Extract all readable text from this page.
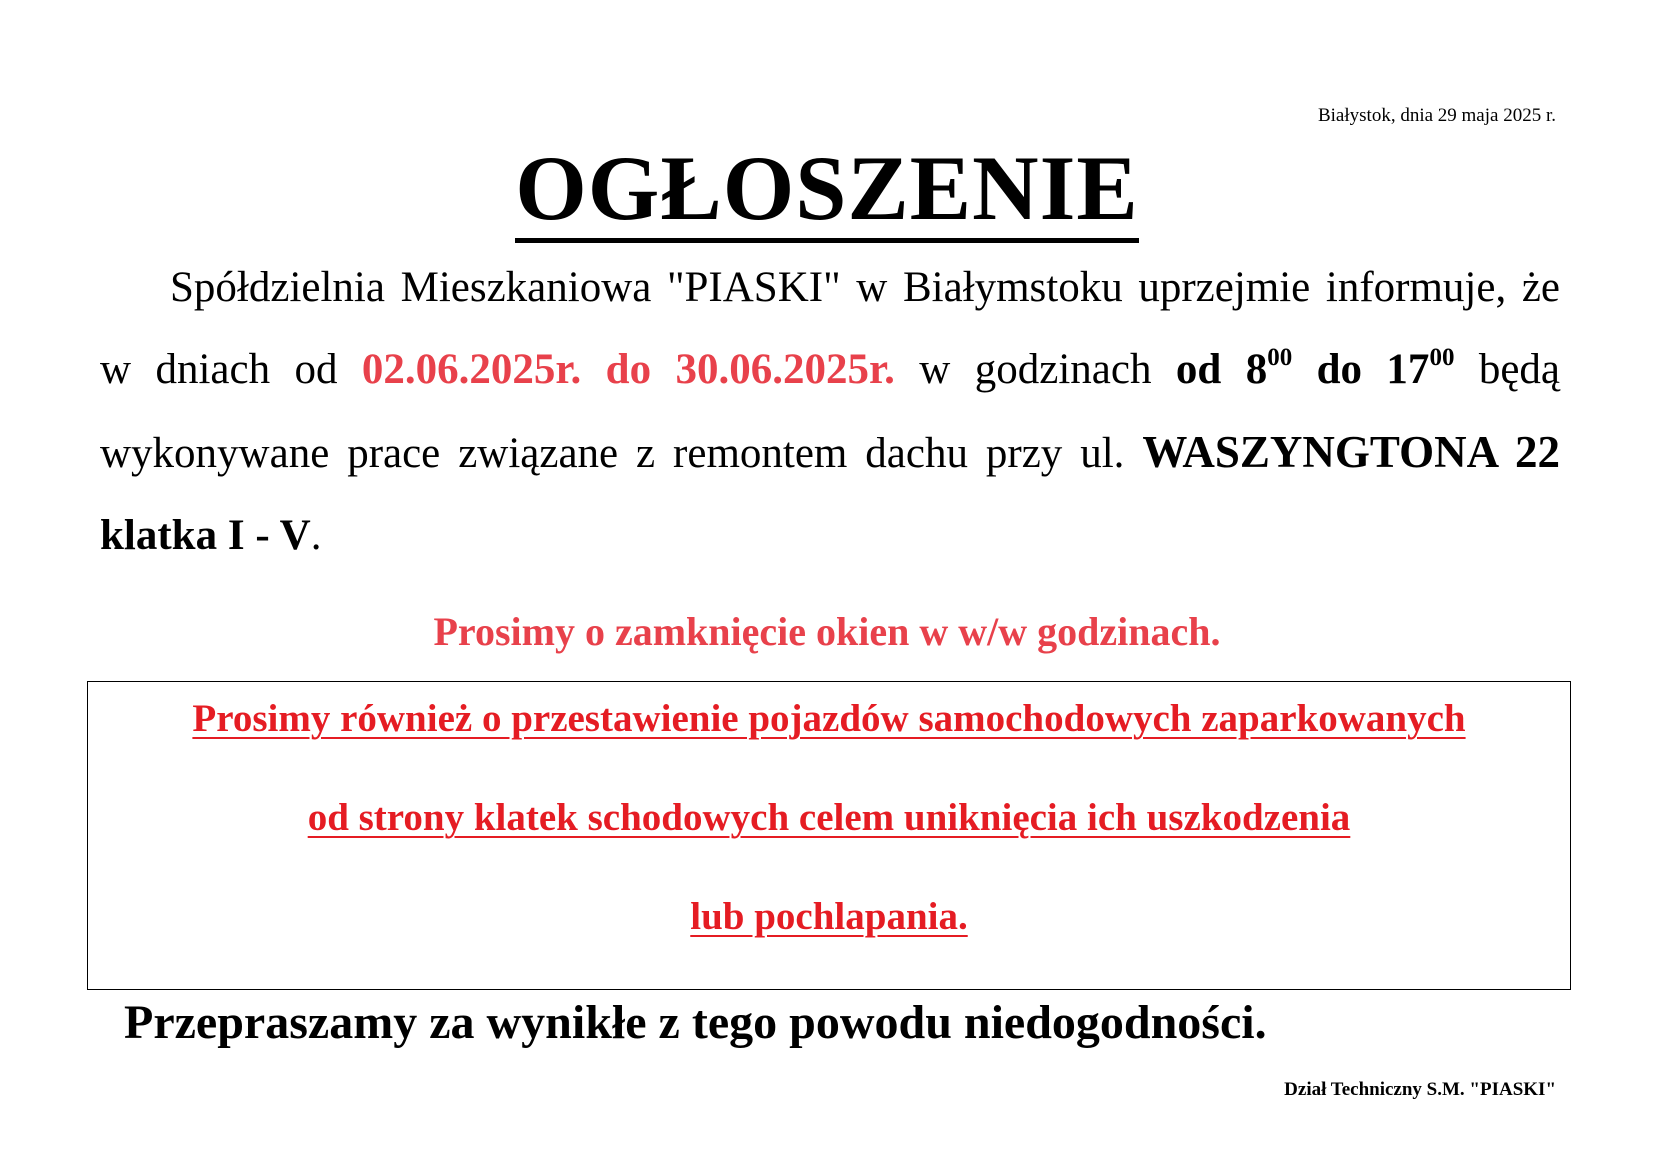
Białystok, dnia 29 maja 2025 r.
OGŁOSZENIE
Spółdzielnia Mieszkaniowa "PIASKI" w Białymstoku uprzejmie informuje, że w dniach od 02.06.2025r. do 30.06.2025r. w godzinach od $8^{00}$ do $17^{00}$ będą wykonywane prace związane z remontem dachu przy ul. WASZYNGTONA 22 klatka I - V.
Prosimy o zamknięcie okien w w/w godzinach.
Prosimy również o przestawienie pojazdów samochodowych zaparkowanych
od strony klatek schodowych celem uniknięcia ich uszkodzenia
lub pochlapania.
Przepraszamy za wynikłe z tego powodu niedogodności.
Dział Techniczny S.M. "PIASKI"
